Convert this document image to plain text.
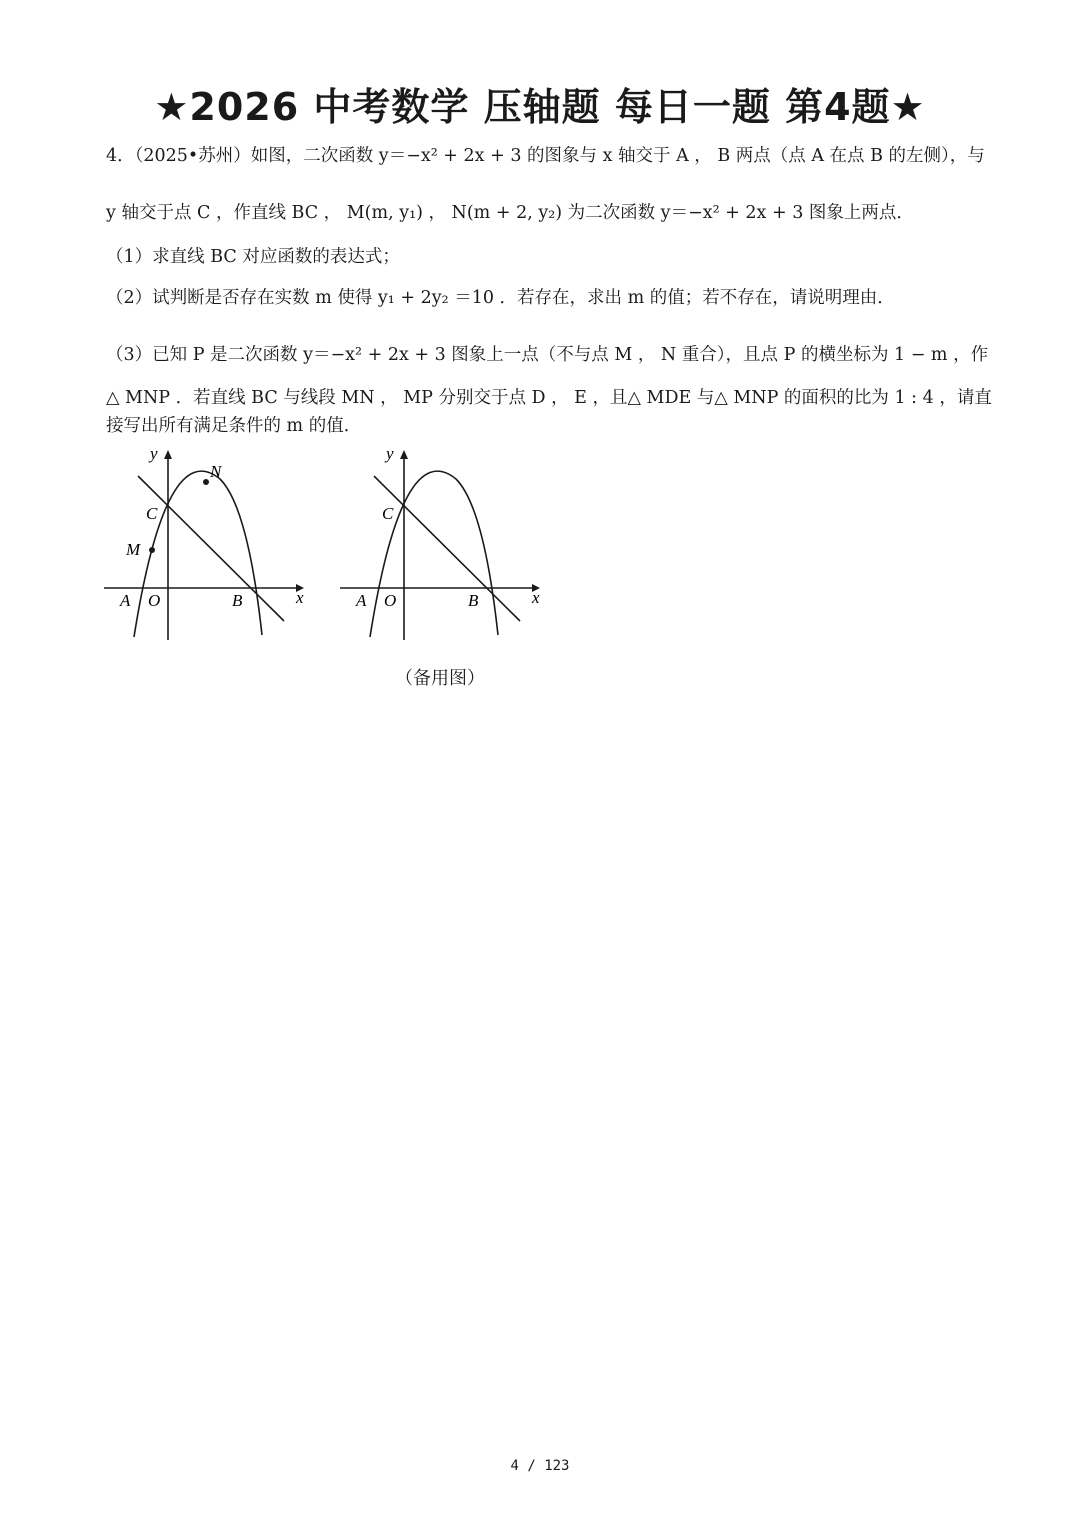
★2026 中考数学 压轴题 每日一题 第4题★
4．（2025•苏州）如图，二次函数 y＝−x² + 2x + 3 的图象与 x 轴交于 A ， B 两点（点 A 在点 B 的左侧），与
y 轴交于点 C ，作直线 BC ， M(m, y₁) ， N(m + 2, y₂) 为二次函数 y＝−x² + 2x + 3 图象上两点．
（1）求直线 BC 对应函数的表达式；
（2）试判断是否存在实数 m 使得 y₁ + 2y₂ ＝10 ．若存在，求出 m 的值；若不存在，请说明理由．
（3）已知 P 是二次函数 y＝−x² + 2x + 3 图象上一点（不与点 M ， N 重合），且点 P 的横坐标为 1 − m ，作
△ MNP ．若直线 BC 与线段 MN ， MP 分别交于点 D ， E ，且△ MDE 与△ MNP 的面积的比为 1 : 4 ，请直
接写出所有满足条件的 m 的值．
y
x
C
N
M
A O	B
y
x
C
A O	B
（备用图）
4 / 123
